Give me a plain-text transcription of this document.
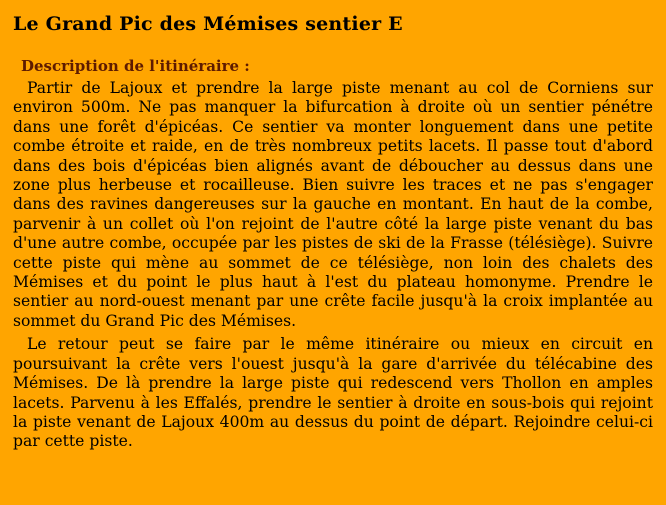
Le Grand Pic des Mémises sentier E
Description de l'itinéraire :

Partir de Lajoux et prendre la large piste menant au col de Corniens sur environ 500m. Ne pas manquer la bifurcation à droite où un sentier pénétre dans une forêt d'épicéas. Ce sentier va monter longuement dans une petite combe étroite et raide, en de très nombreux petits lacets. Il passe tout d'abord dans des bois d'épicéas bien alignés avant de déboucher au dessus dans une zone plus herbeuse et rocailleuse. Bien suivre les traces et ne pas s'engager dans des ravines dangereuses sur la gauche en montant. En haut de la combe, parvenir à un collet où l'on rejoint de l'autre côté la large piste venant du bas d'une autre combe, occupée par les pistes de ski de la Frasse (télésiège). Suivre cette piste qui mène au sommet de ce télésiège, non loin des chalets des Mémises et du point le plus haut à l'est du plateau homonyme. Prendre le sentier au nord-ouest menant par une crête facile jusqu'à la croix implantée au sommet du Grand Pic des Mémises.

Le retour peut se faire par le même itinéraire ou mieux en circuit en poursuivant la crête vers l'ouest jusqu'à la gare d'arrivée du télécabine des Mémises. De là prendre la large piste qui redescend vers Thollon en amples lacets. Parvenu à les Effalés, prendre le sentier à droite en sous-bois qui rejoint la piste venant de Lajoux 400m au dessus du point de départ. Rejoindre celui-ci par cette piste.
